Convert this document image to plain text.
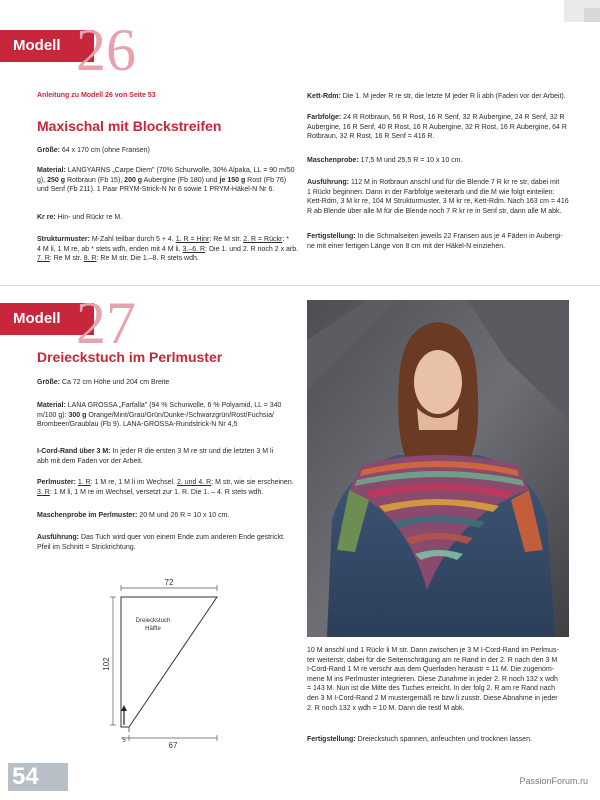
Modell 26
Anleitung zu Modell 26 von Seite 53
Maxischal mit Blockstreifen
Größe: 64 x 170 cm (ohne Fransen)
Material: LANGYARNS „Carpe Diem" (70% Schurwolle, 30% Alpaka, LL = 90 m/50
g), 250 g Rotbraun (Fb 15), 200 g Aubergine (Fb 180) und je 150 g Rost (Fb 76)
und Senf (Fb 211). 1 Paar PRYM-Strick-N Nr 6 sowie 1 PRYM-Häkel-N Nr 6.
Kr re: Hin- und Rückr re M.
Strukturmuster: M-Zahl teilbar durch 5 + 4. 1. R = Hinr: Re M str. 2. R = Rückr: *
4 M li, 1 M re, ab * stets wdh, enden mit 4 M li. 3.–6. R: Die 1. und 2. R noch 2 x arb.
7. R: Re M str. 8. R: Re M str. Die 1.–8. R stets wdh.
Kett-Rdm: Die 1. M jeder R re str, die letzte M jeder R li abh (Faden vor der Arbeit).
Farbfolge: 24 R Rotbraun, 56 R Rost, 16 R Senf, 32 R Aubergine, 24 R Senf, 32 R
Aubergine, 16 R Senf, 40 R Rost, 16 R Aubergine, 32 R Rost, 16 R Aubergine, 64 R
Rotbraun, 32 R Rost, 16 R Senf = 416 R.
Maschenprobe: 17,5 M und 25,5 R = 10 x 10 cm.
Ausführung: 112 M in Rotbraun anschl und für die Blende 7 R kr re str, dabei mit
1 Rückr beginnen. Dann in der Farbfolge weiterarb und die M wie folgt einteilen:
Kett-Rdm, 3 M kr re, 104 M Strukturmuster, 3 M kr re, Kett-Rdm. Nach 163 cm = 416
R ab Blende über alle M für die Blende noch 7 R kr re in Senf str, dann alle M abk.
Fertigstellung: In die Schmalseiten jeweils 22 Fransen aus je 4 Fäden in Aubergi-
ne mit einer fertigen Länge von 8 cm mit der Häkel-N einziehen.
Modell 27
Dreieckstuch im Perlmuster
Größe: Ca 72 cm Höhe und 204 cm Breite
Material: LANA GROSSA „Farfalla" (94 % Schurwolle, 6 % Polyamid, LL = 340
m/100 g): 300 g Orange/Mint/Grau/Grün/Dunke-/Schwarzgrün/Rost/Fuchsia/
Brombeer/Graublau (Fb 9). LANA-GROSSA-Rundstrick-N Nr 4,5
I-Cord-Rand über 3 M: In jeder R die ersten 3 M re str und die letzten 3 M li
abh mit dem Faden vor der Arbeit.
Perlmuster: 1. R: 1 M re, 1 M li im Wechsel. 2. und 4. R: M str, wie sie erscheinen.
3. R: 1 M li, 1 M re im Wechsel, versetzt zur 1. R. Die 1. – 4. R stets wdh.
Maschenprobe im Perlmuster: 20 M und 26 R = 10 x 10 cm.
Ausführung: Das Tuch wird quer von einem Ende zum anderen Ende gestrickt.
Pfeil im Schnitt = Strickrichtung.
72
102
67
5
Dreieckstuch
Hälfte
10 M anschl und 1 Rückr li M str. Dann zwischen je 3 M I-Cord-Rand im Perlmus-
ter weiterstr, dabei für die Seitenschrägung am re Rand in der 2. R nach den 3 M
I-Cord-Rand 1 M re verschr aus dem Querfaden heraustr = 11 M. Die zugenom-
mene M ins Perlmuster integrieren. Diese Zunahme in jeder 2. R noch 132 x wdh
= 143 M. Nun ist die Mitte des Tuches erreicht. In der folg 2. R am re Rand nach
den 3 M I-Cord-Rand 2 M mustergemäß re bzw li zusstr. Diese Abnahme in jeder
2. R noch 132 x wdh = 10 M. Dann die restl M abk.
Fertigstellung: Dreieckstuch spannen, anfeuchten und trocknen lassen.
54	PassionForum.ru
